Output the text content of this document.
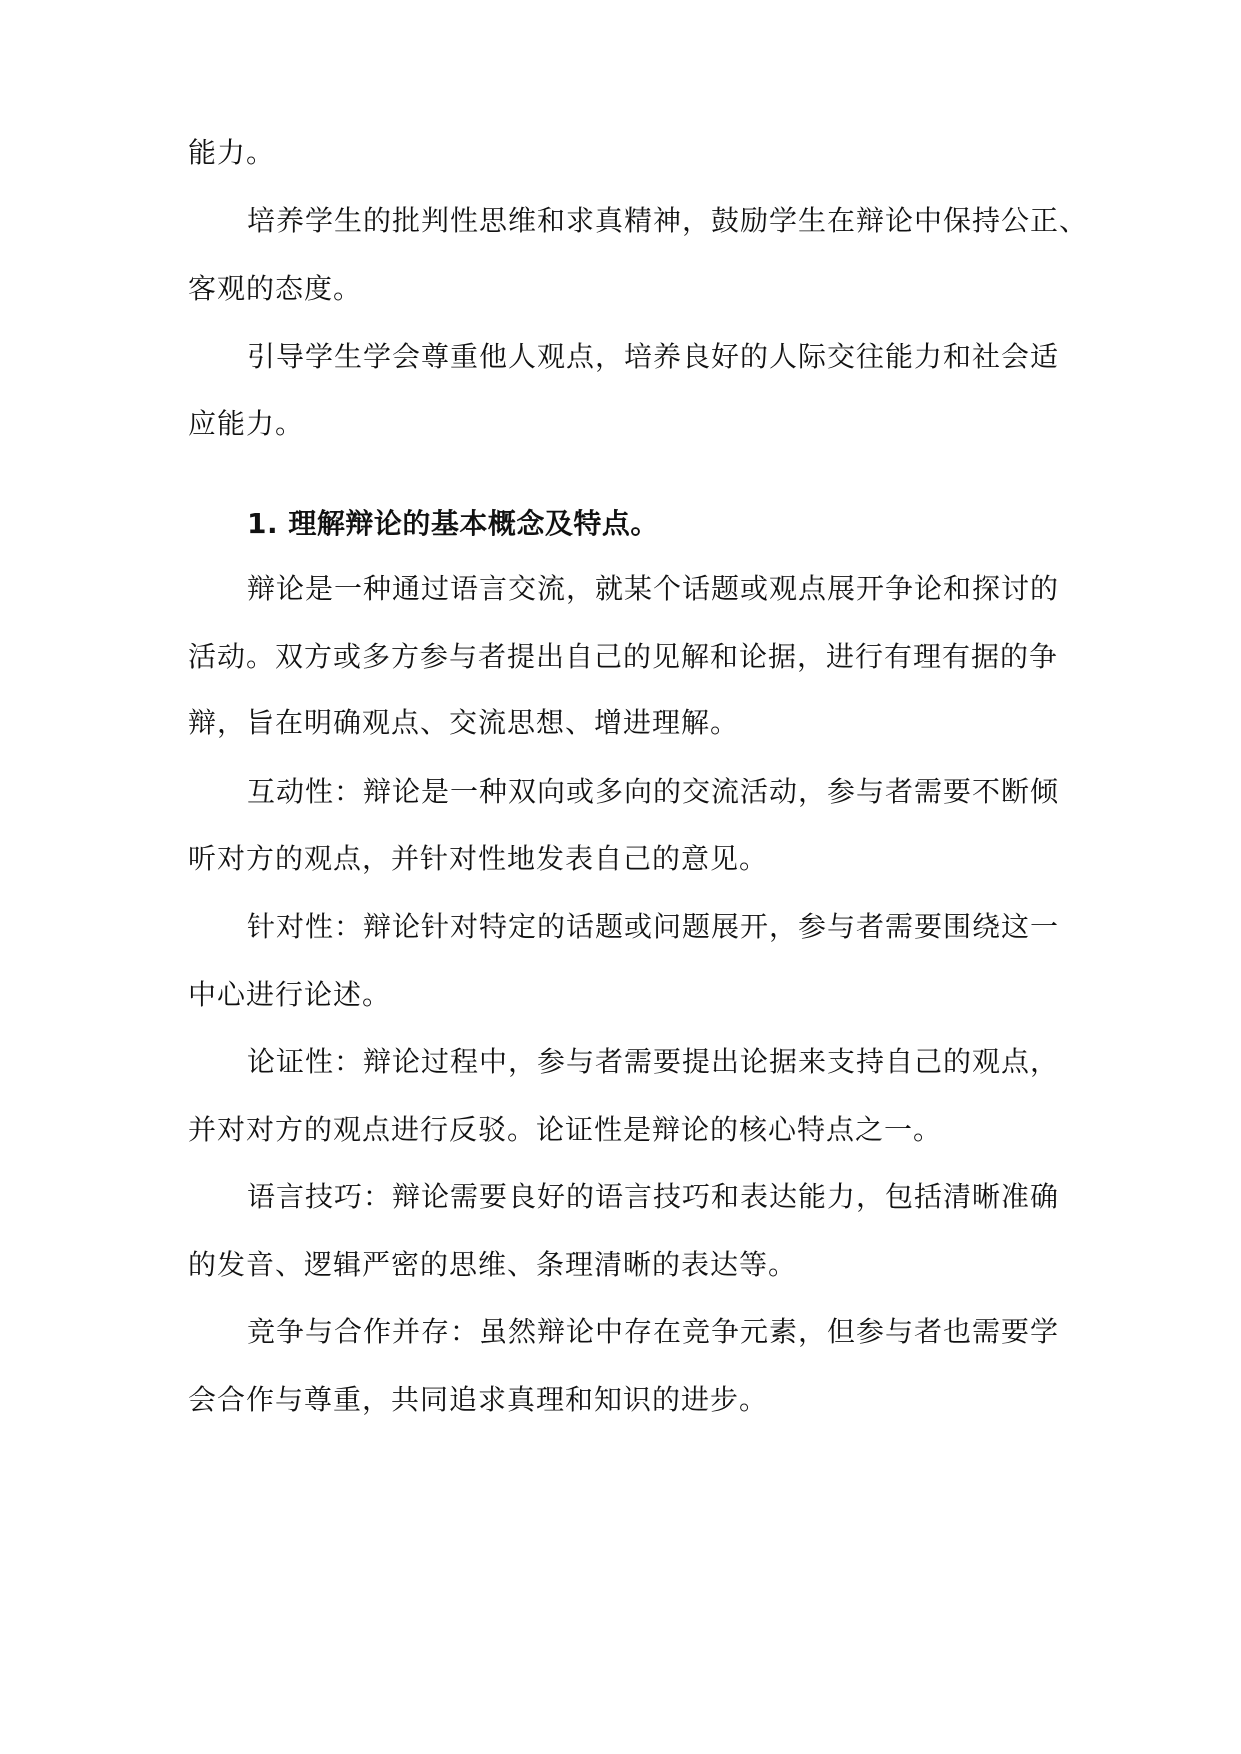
能力。
培养学生的批判性思维和求真精神，鼓励学生在辩论中保持公正、
客观的态度。
引导学生学会尊重他人观点，培养良好的人际交往能力和社会适
应能力。
1. 理解辩论的基本概念及特点。
辩论是一种通过语言交流，就某个话题或观点展开争论和探讨的
活动。双方或多方参与者提出自己的见解和论据，进行有理有据的争
辩，旨在明确观点、交流思想、增进理解。
互动性：辩论是一种双向或多向的交流活动，参与者需要不断倾
听对方的观点，并针对性地发表自己的意见。
针对性：辩论针对特定的话题或问题展开，参与者需要围绕这一
中心进行论述。
论证性：辩论过程中，参与者需要提出论据来支持自己的观点，
并对对方的观点进行反驳。论证性是辩论的核心特点之一。
语言技巧：辩论需要良好的语言技巧和表达能力，包括清晰准确
的发音、逻辑严密的思维、条理清晰的表达等。
竞争与合作并存：虽然辩论中存在竞争元素，但参与者也需要学
会合作与尊重，共同追求真理和知识的进步。
